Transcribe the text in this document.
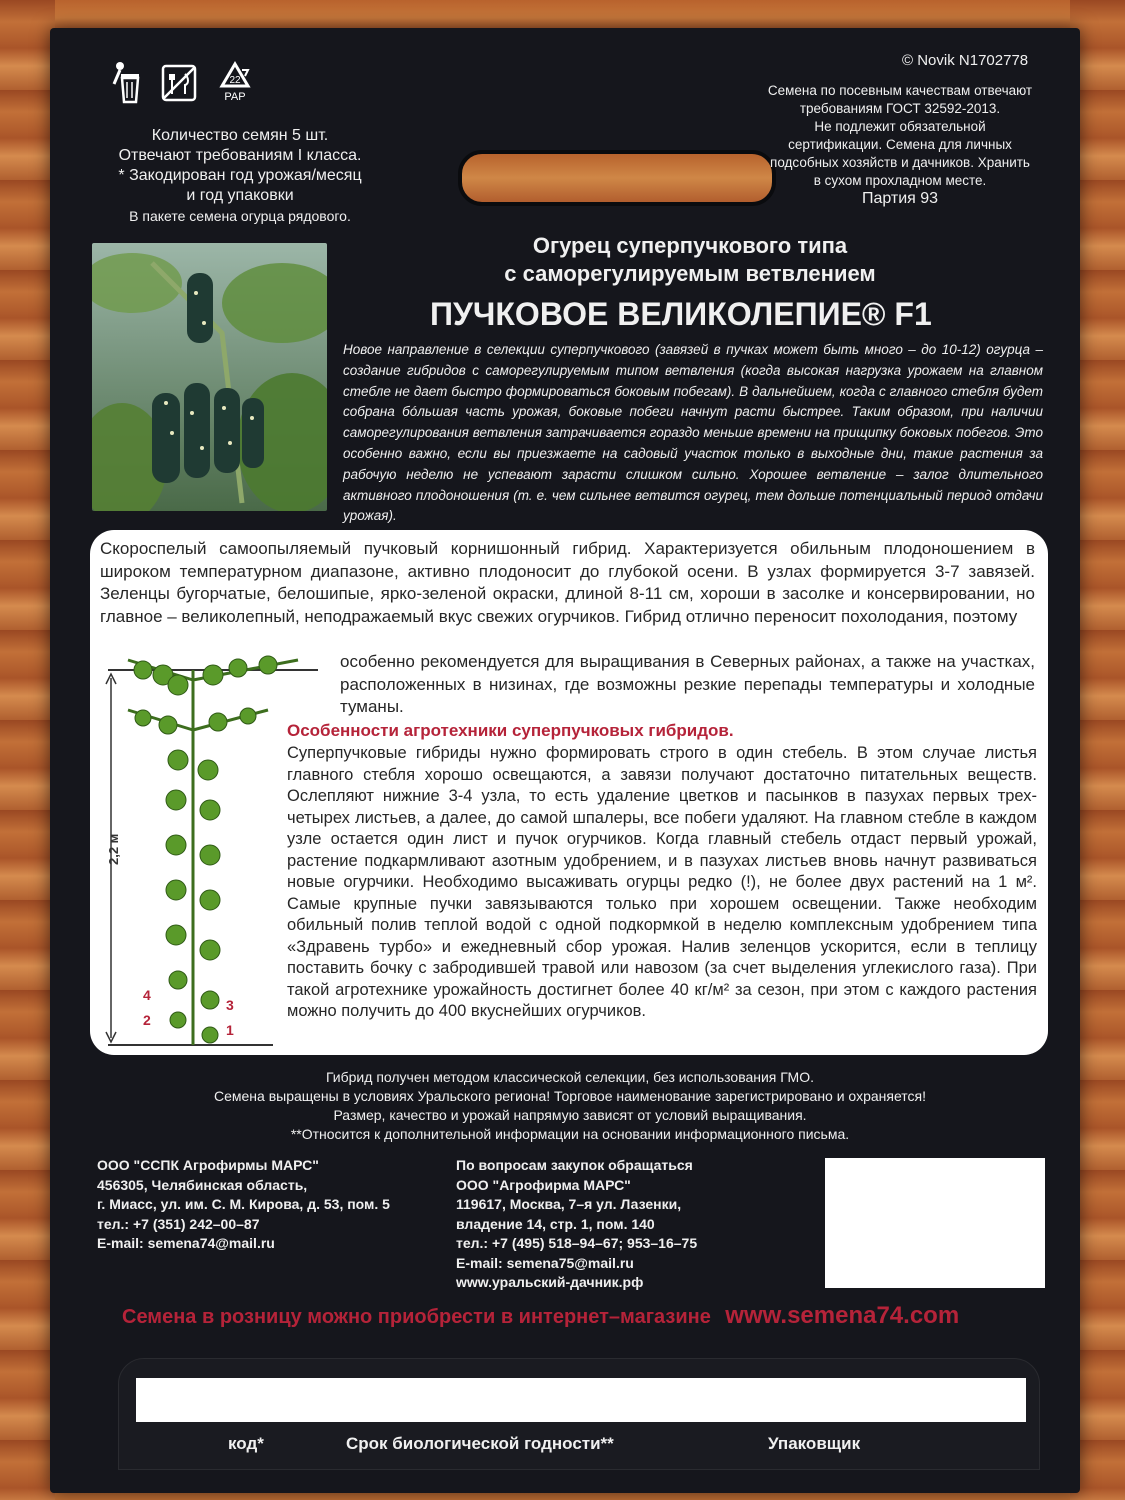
22
PAP
Количество семян 5 шт.
Отвечают требованиям I класса.
* Закодирован год урожая/месяц
и год упаковки
В пакете семена огурца рядового.
© Novik N1702778
Семена по посевным качествам отвечают
требованиям ГОСТ 32592-2013.
Не подлежит обязательной
сертификации. Семена для личных
подсобных хозяйств и дачников. Хранить
в сухом прохладном месте.
Партия 93
Огурец суперпучкового типа
с саморегулируемым ветвлением
ПУЧКОВОЕ ВЕЛИКОЛЕПИЕ® F1
Новое направление в селекции суперпучкового (завязей в пучках может быть много – до 10-12) огурца – создание гибридов с саморегулируемым типом ветвления (когда высокая нагрузка урожаем на главном стебле не дает быстро формироваться боковым побегам). В дальнейшем, когда с главного стебля будет собрана бóльшая часть урожая, боковые побеги начнут расти быстрее. Таким образом, при наличии саморегулирования ветвления затрачивается гораздо меньше времени на прищипку боковых побегов. Это особенно важно, если вы приезжаете на садовый участок только в выходные дни, такие растения за рабочую неделю не успевают зарасти слишком сильно. Хорошее ветвление – залог длительного активного плодоношения (т. е. чем сильнее ветвится огурец, тем дольше потенциальный период отдачи урожая).
Скороспелый самоопыляемый пучковый корнишонный гибрид. Характеризуется обильным плодоношением в широком температурном диапазоне, активно плодоносит до глубокой осени. В узлах формируется 3-7 завязей. Зеленцы бугорчатые, белошипые, ярко-зеленой окраски, длиной 8-11 см, хороши в засолке и консервировании, но главное – великолепный, неподражаемый вкус свежих огурчиков. Гибрид отлично переносит похолодания, поэтому
особенно рекомендуется для выращивания в Северных районах, а также на участках, расположенных в низинах, где возможны резкие перепады температуры и холодные туманы.
2,2 м
4
2
3
1
Особенности агротехники суперпучковых гибридов.
Суперпучковые гибриды нужно формировать строго в один стебель. В этом случае листья главного стебля хорошо освещаются, а завязи получают достаточно питательных веществ. Ослепляют нижние 3-4 узла, то есть удаление цветков и пасынков в пазухах первых трех-четырех листьев, а далее, до самой шпалеры, все побеги удаляют. На главном стебле в каждом узле остается один лист и пучок огурчиков. Когда главный стебель отдаст первый урожай, растение подкармливают азотным удобрением, и в пазухах листьев вновь начнут развиваться новые огурчики. Необходимо высаживать огурцы редко (!), не более двух растений на 1 м². Самые крупные пучки завязываются только при хорошем освещении. Также необходим обильный полив теплой водой с одной подкормкой в неделю комплексным удобрением типа «Здравень турбо» и ежедневный сбор урожая. Налив зеленцов ускорится, если в теплицу поставить бочку с забродившей травой или навозом (за счет выделения углекислого газа). При такой агротехнике урожайность достигнет более 40 кг/м² за сезон, при этом с каждого растения можно получить до 400 вкуснейших огурчиков.
Гибрид получен методом классической селекции, без использования ГМО.
Семена выращены в условиях Уральского региона! Торговое наименование зарегистрировано и охраняется!
Размер, качество и урожай напрямую зависят от условий выращивания.
**Относится к дополнительной информации на основании информационного письма.
ООО "ССПК Агрофирмы МАРС"
456305, Челябинская область,
г. Миасс, ул. им. С. М. Кирова, д. 53, пом. 5
тел.: +7 (351) 242–00–87
E-mail: semena74@mail.ru
По вопросам закупок обращаться
ООО "Агрофирма МАРС"
119617, Москва, 7–я ул. Лазенки,
владение 14, стр. 1, пом. 140
тел.: +7 (495) 518–94–67; 953–16–75
E-mail: semena75@mail.ru
www.уральский-дачник.рф
Семена в розницу можно приобрести в интернет–магазине www.semena74.com
код*	Срок биологической годности**	Упаковщик
